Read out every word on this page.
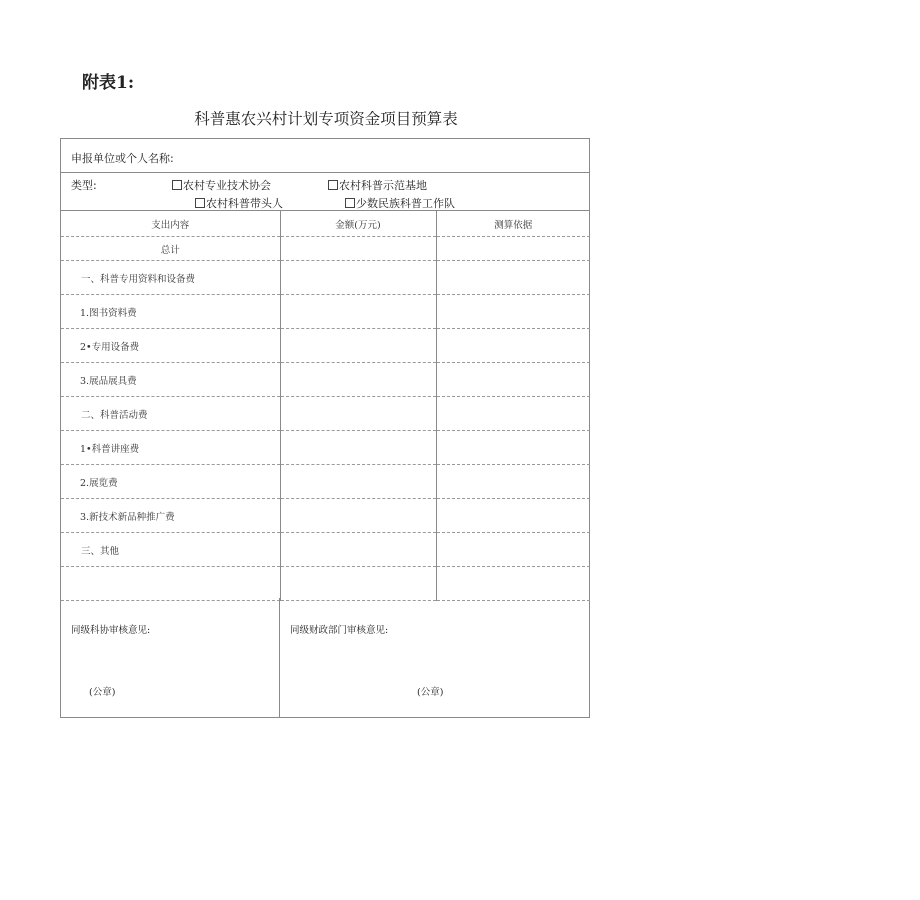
附表1:
科普惠农兴村计划专项资金项目预算表
申报单位或个人名称:
类型:	农村专业技术协会	农村科普示范基地
农村科普带头人	少数民族科普工作队
支出内容	金额(万元)	测算依据
总计		
一、科普专用资料和设备费		
1.图书资料费		
2•专用设备费		
3.展品展具费		
二、科普活动费		
1•科普讲座费		
2.展览费		
3.新技术新品种推广费		
三、其他		

同级科协审核意见:
(公章)
同级财政部门审核意见:
(公章)
